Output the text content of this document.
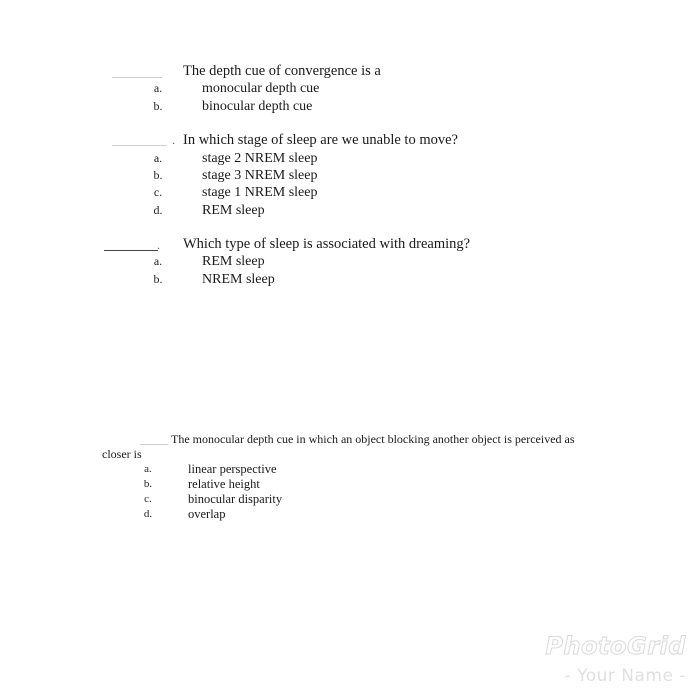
The depth cue of convergence is a
a.	monocular depth cue
b.	binocular depth cue
. In which stage of sleep are we unable to move?
a.	stage 2 NREM sleep
b.	stage 3 NREM sleep
c.	stage 1 NREM sleep
d.	REM sleep
. Which type of sleep is associated with dreaming?
a.	REM sleep
b.	NREM sleep
The monocular depth cue in which an object blocking another object is perceived as
closer is
a.	linear perspective
b.	relative height
c.	binocular disparity
d.	overlap
PhotoGrid
- Your Name -
